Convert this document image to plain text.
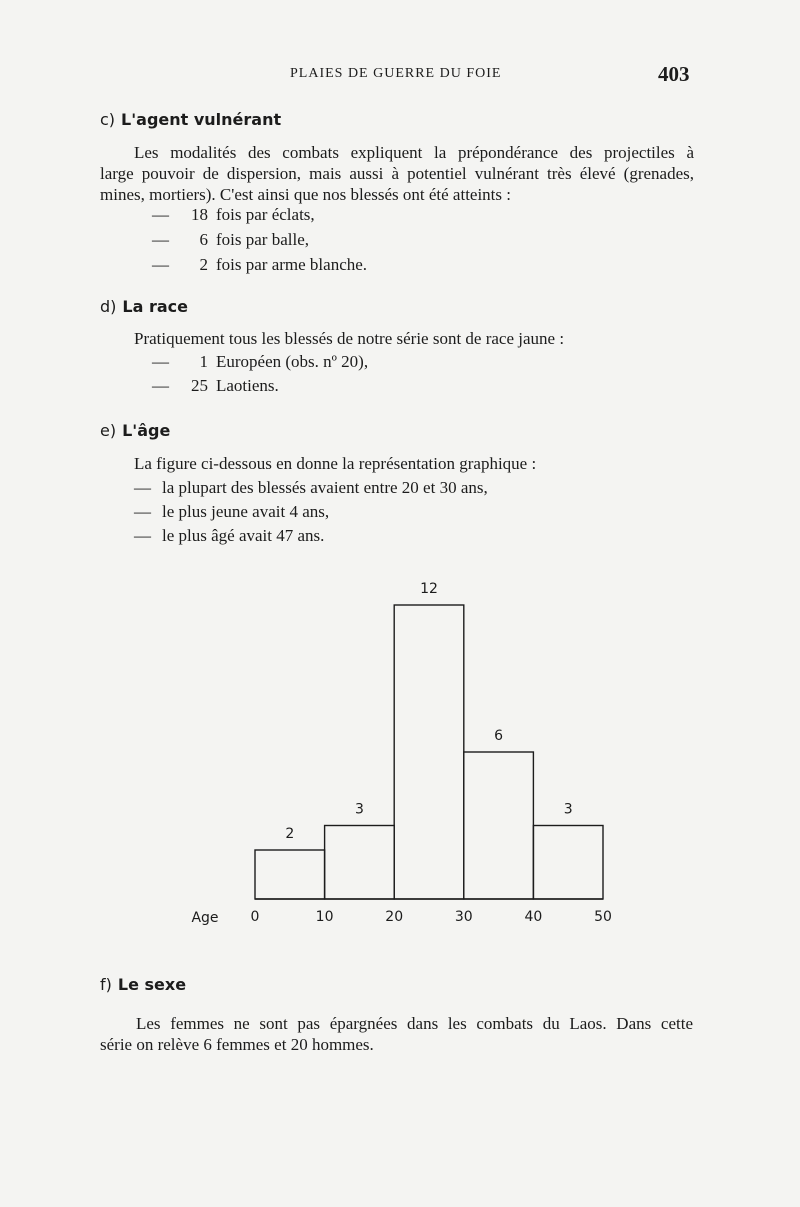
PLAIES DE GUERRE DU FOIE	403
c) L'agent vulnérant
Les modalités des combats expliquent la prépondérance des projectiles à
large pouvoir de dispersion, mais aussi à potentiel vulnérant très élevé (grenades,
mines, mortiers). C'est ainsi que nos blessés ont été atteints :
— 18 fois par éclats,
— 6 fois par balle,
— 2 fois par arme blanche.
d) La race
Pratiquement tous les blessés de notre série sont de race jaune :
— 1 Européen (obs. nº 20),
— 25 Laotiens.
e) L'âge
La figure ci-dessous en donne la représentation graphique :
— la plupart des blessés avaient entre 20 et 30 ans,
— le plus jeune avait 4 ans,
— le plus âgé avait 47 ans.
2
3
12
6
3
0	10	20	30	40	50
Age
f) Le sexe
Les femmes ne sont pas épargnées dans les combats du Laos. Dans cette
série on relève 6 femmes et 20 hommes.
